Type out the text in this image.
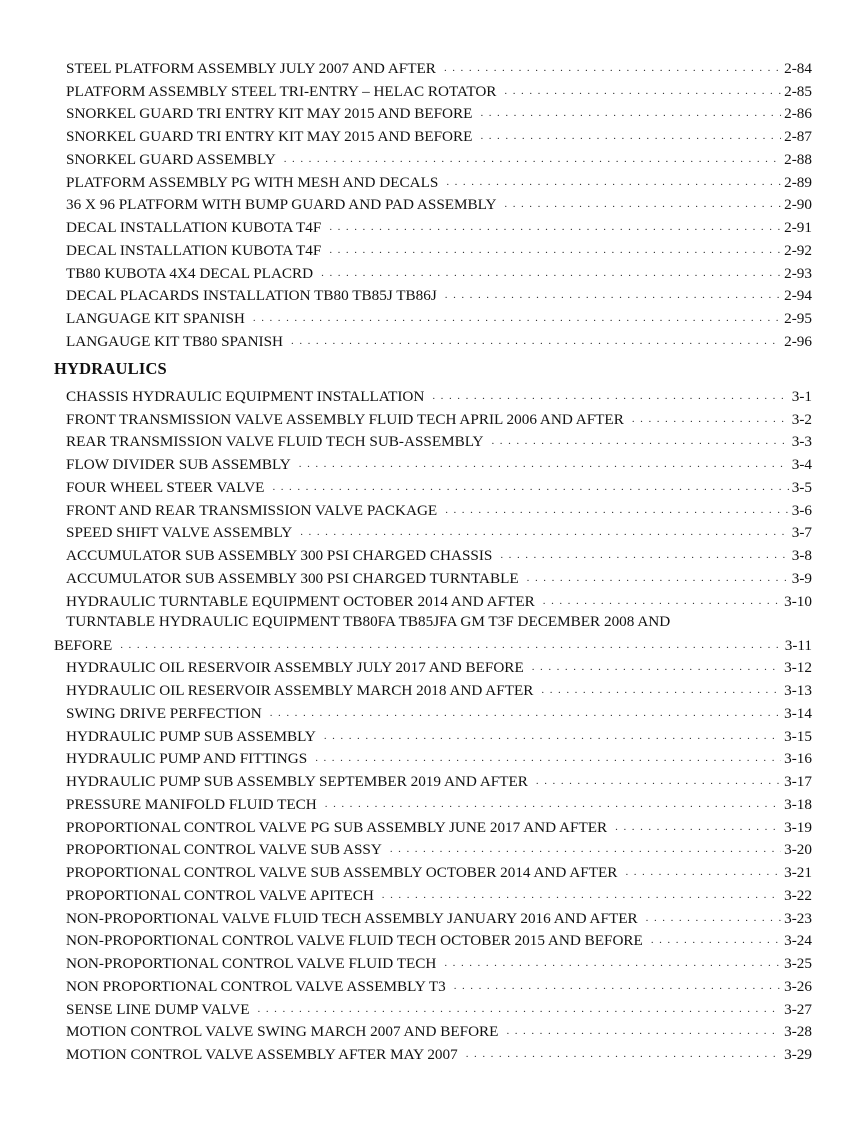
STEEL PLATFORM ASSEMBLY JULY 2007 AND AFTER . . .	2-84
PLATFORM ASSEMBLY STEEL TRI-ENTRY – HELAC ROTATOR . . .	2-85
SNORKEL GUARD TRI ENTRY KIT MAY 2015 AND BEFORE . . .	2-86
SNORKEL GUARD TRI ENTRY KIT MAY 2015 AND BEFORE . . .	2-87
SNORKEL GUARD ASSEMBLY . . .	2-88
PLATFORM ASSEMBLY PG WITH MESH AND DECALS . . .	2-89
36 X 96 PLATFORM WITH BUMP GUARD AND PAD ASSEMBLY . . .	2-90
DECAL INSTALLATION KUBOTA T4F . . .	2-91
DECAL INSTALLATION KUBOTA T4F . . .	2-92
TB80 KUBOTA 4X4 DECAL PLACRD . . .	2-93
DECAL PLACARDS INSTALLATION TB80 TB85J TB86J . . .	2-94
LANGUAGE KIT SPANISH . . .	2-95
LANGAUGE KIT TB80 SPANISH . . .	2-96
HYDRAULICS
CHASSIS HYDRAULIC EQUIPMENT INSTALLATION . . .	3-1
FRONT TRANSMISSION VALVE ASSEMBLY FLUID TECH APRIL 2006 AND AFTER . . .	3-2
REAR TRANSMISSION VALVE FLUID TECH SUB-ASSEMBLY . . .	3-3
FLOW DIVIDER SUB ASSEMBLY . . .	3-4
FOUR WHEEL STEER VALVE . . .	3-5
FRONT AND REAR TRANSMISSION VALVE PACKAGE . . .	3-6
SPEED SHIFT VALVE ASSEMBLY . . .	3-7
ACCUMULATOR SUB ASSEMBLY 300 PSI CHARGED CHASSIS . . .	3-8
ACCUMULATOR SUB ASSEMBLY 300 PSI CHARGED TURNTABLE . . .	3-9
HYDRAULIC TURNTABLE EQUIPMENT OCTOBER 2014 AND AFTER . . .	3-10
TURNTABLE HYDRAULIC EQUIPMENT TB80FA TB85JFA GM T3F DECEMBER 2008 AND
BEFORE . . .	3-11
HYDRAULIC OIL RESERVOIR ASSEMBLY JULY 2017 AND BEFORE . . .	3-12
HYDRAULIC OIL RESERVOIR ASSEMBLY MARCH 2018 AND AFTER . . .	3-13
SWING DRIVE PERFECTION . . .	3-14
HYDRAULIC PUMP SUB ASSEMBLY . . .	3-15
HYDRAULIC PUMP AND FITTINGS . . .	3-16
HYDRAULIC PUMP SUB ASSEMBLY SEPTEMBER 2019 AND AFTER . . .	3-17
PRESSURE MANIFOLD FLUID TECH . . .	3-18
PROPORTIONAL CONTROL VALVE PG SUB ASSEMBLY JUNE 2017 AND AFTER . . .	3-19
PROPORTIONAL CONTROL VALVE SUB ASSY . . .	3-20
PROPORTIONAL CONTROL VALVE SUB ASSEMBLY OCTOBER 2014 AND AFTER . . .	3-21
PROPORTIONAL CONTROL VALVE APITECH . . .	3-22
NON-PROPORTIONAL VALVE FLUID TECH ASSEMBLY JANUARY 2016 AND AFTER . . .	3-23
NON-PROPORTIONAL CONTROL VALVE FLUID TECH OCTOBER 2015 AND BEFORE . . .	3-24
NON-PROPORTIONAL CONTROL VALVE FLUID TECH . . .	3-25
NON PROPORTIONAL CONTROL VALVE ASSEMBLY T3 . . .	3-26
SENSE LINE DUMP VALVE . . .	3-27
MOTION CONTROL VALVE SWING MARCH 2007 AND BEFORE . . .	3-28
MOTION CONTROL VALVE ASSEMBLY AFTER MAY 2007 . . .	3-29
